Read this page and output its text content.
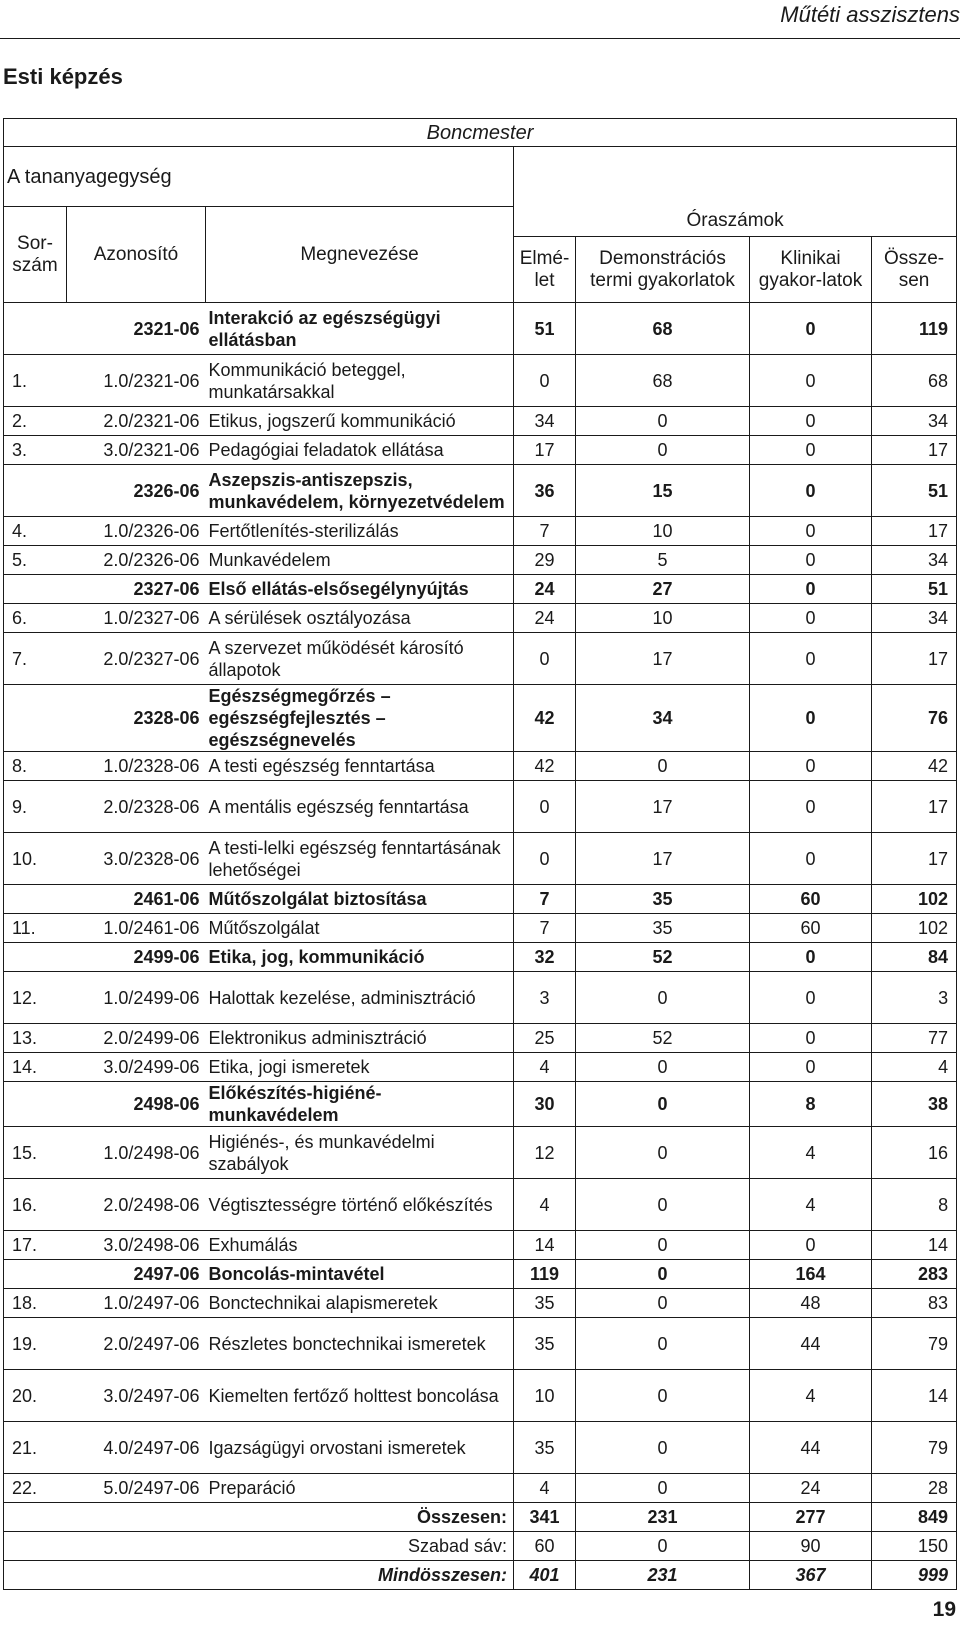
Műtéti asszisztens
Esti képzés
Boncmester						
A tananyagegység						
Sor-szám	Azonosító	Megnevezése	Óraszámok			
			Elmé-let	Demonstrációs termi gyakorlatok	Klinikai gyakor-latok	Össze-sen
	2321-06	Interakció az egészségügyi ellátásban	51	68	0	119
1.	1.0/2321-06	Kommunikáció beteggel, munkatársakkal	0	68	0	68
2.	2.0/2321-06	Etikus, jogszerű kommunikáció	34	0	0	34
3.	3.0/2321-06	Pedagógiai feladatok ellátása	17	0	0	17
	2326-06	Aszepszis-antiszepszis, munkavédelem, környezetvédelem	36	15	0	51
4.	1.0/2326-06	Fertőtlenítés-sterilizálás	7	10	0	17
5.	2.0/2326-06	Munkavédelem	29	5	0	34
	2327-06	Első ellátás-elsősegélynyújtás	24	27	0	51
6.	1.0/2327-06	A sérülések osztályozása	24	10	0	34
7.	2.0/2327-06	A szervezet működését károsító állapotok	0	17	0	17
	2328-06	Egészségmegőrzés – egészségfejlesztés – egészségnevelés	42	34	0	76
8.	1.0/2328-06	A testi egészség fenntartása	42	0	0	42
9.	2.0/2328-06	A mentális egészség fenntartása	0	17	0	17
10.	3.0/2328-06	A testi-lelki egészség fenntartásának lehetőségei	0	17	0	17
	2461-06	Műtőszolgálat biztosítása	7	35	60	102
11.	1.0/2461-06	Műtőszolgálat	7	35	60	102
	2499-06	Etika, jog, kommunikáció	32	52	0	84
12.	1.0/2499-06	Halottak kezelése, adminisztráció	3	0	0	3
13.	2.0/2499-06	Elektronikus adminisztráció	25	52	0	77
14.	3.0/2499-06	Etika, jogi ismeretek	4	0	0	4
	2498-06	Előkészítés-higiéné-munkavédelem	30	0	8	38
15.	1.0/2498-06	Higiénés-, és munkavédelmi szabályok	12	0	4	16
16.	2.0/2498-06	Végtisztességre történő előkészítés	4	0	4	8
17.	3.0/2498-06	Exhumálás	14	0	0	14
	2497-06	Boncolás-mintavétel	119	0	164	283
18.	1.0/2497-06	Bonctechnikai alapismeretek	35	0	48	83
19.	2.0/2497-06	Részletes bonctechnikai ismeretek	35	0	44	79
20.	3.0/2497-06	Kiemelten fertőző holttest boncolása	10	0	4	14
21.	4.0/2497-06	Igazságügyi orvostani ismeretek	35	0	44	79
22.	5.0/2497-06	Preparáció	4	0	24	28
Összesen:			341	231	277	849
Szabad sáv:			60	0	90	150
Mindösszesen:			401	231	367	999
19
